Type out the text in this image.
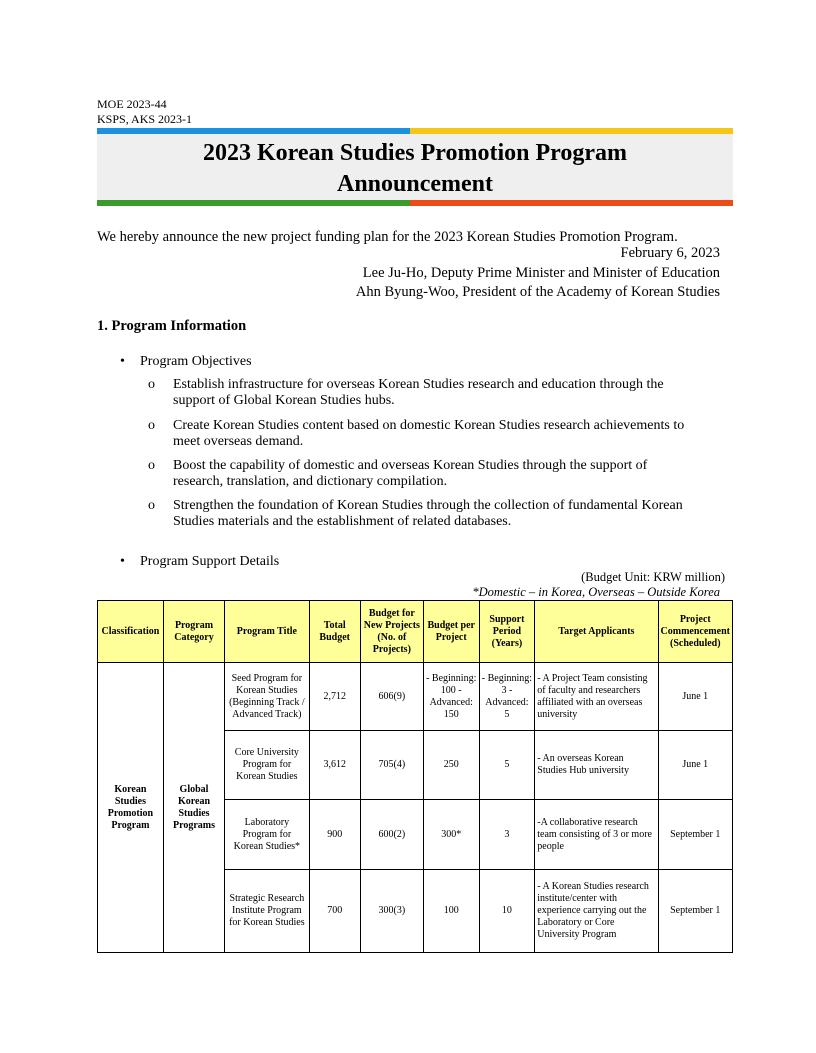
MOE 2023-44
KSPS, AKS 2023-1
2023 Korean Studies Promotion Program
Announcement
We hereby announce the new project funding plan for the 2023 Korean Studies Promotion Program.
February 6, 2023
Lee Ju-Ho, Deputy Prime Minister and Minister of Education
Ahn Byung-Woo, President of the Academy of Korean Studies
1. Program Information
• Program Objectives
o	Establish infrastructure for overseas Korean Studies research and education through the
support of Global Korean Studies hubs.
o	Create Korean Studies content based on domestic Korean Studies research achievements to
meet overseas demand.
o	Boost the capability of domestic and overseas Korean Studies through the support of
research, translation, and dictionary compilation.
o	Strengthen the foundation of Korean Studies through the collection of fundamental Korean
Studies materials and the establishment of related databases.
• Program Support Details
(Budget Unit: KRW million)
*Domestic – in Korea, Overseas – Outside Korea
Classification	Program Category	Program Title	Total Budget	Budget for New Projects (No. of Projects)	Budget per Project	Support Period (Years)	Target Applicants	Project Commencement (Scheduled)
Korean Studies Promotion Program	Global Korean Studies Programs	Seed Program for Korean Studies (Beginning Track / Advanced Track)	2,712	606(9)	- Beginning: 100 - Advanced: 150	- Beginning: 3 - Advanced: 5	- A Project Team consisting of faculty and researchers affiliated with an overseas university	June 1
		Core University Program for Korean Studies	3,612	705(4)	250	5	- An overseas Korean Studies Hub university	June 1
		Laboratory Program for Korean Studies*	900	600(2)	300*	3	-A collaborative research team consisting of 3 or more people	September 1
		Strategic Research Institute Program for Korean Studies	700	300(3)	100	10	- A Korean Studies research institute/center with experience carrying out the Laboratory or Core University Program	September 1
